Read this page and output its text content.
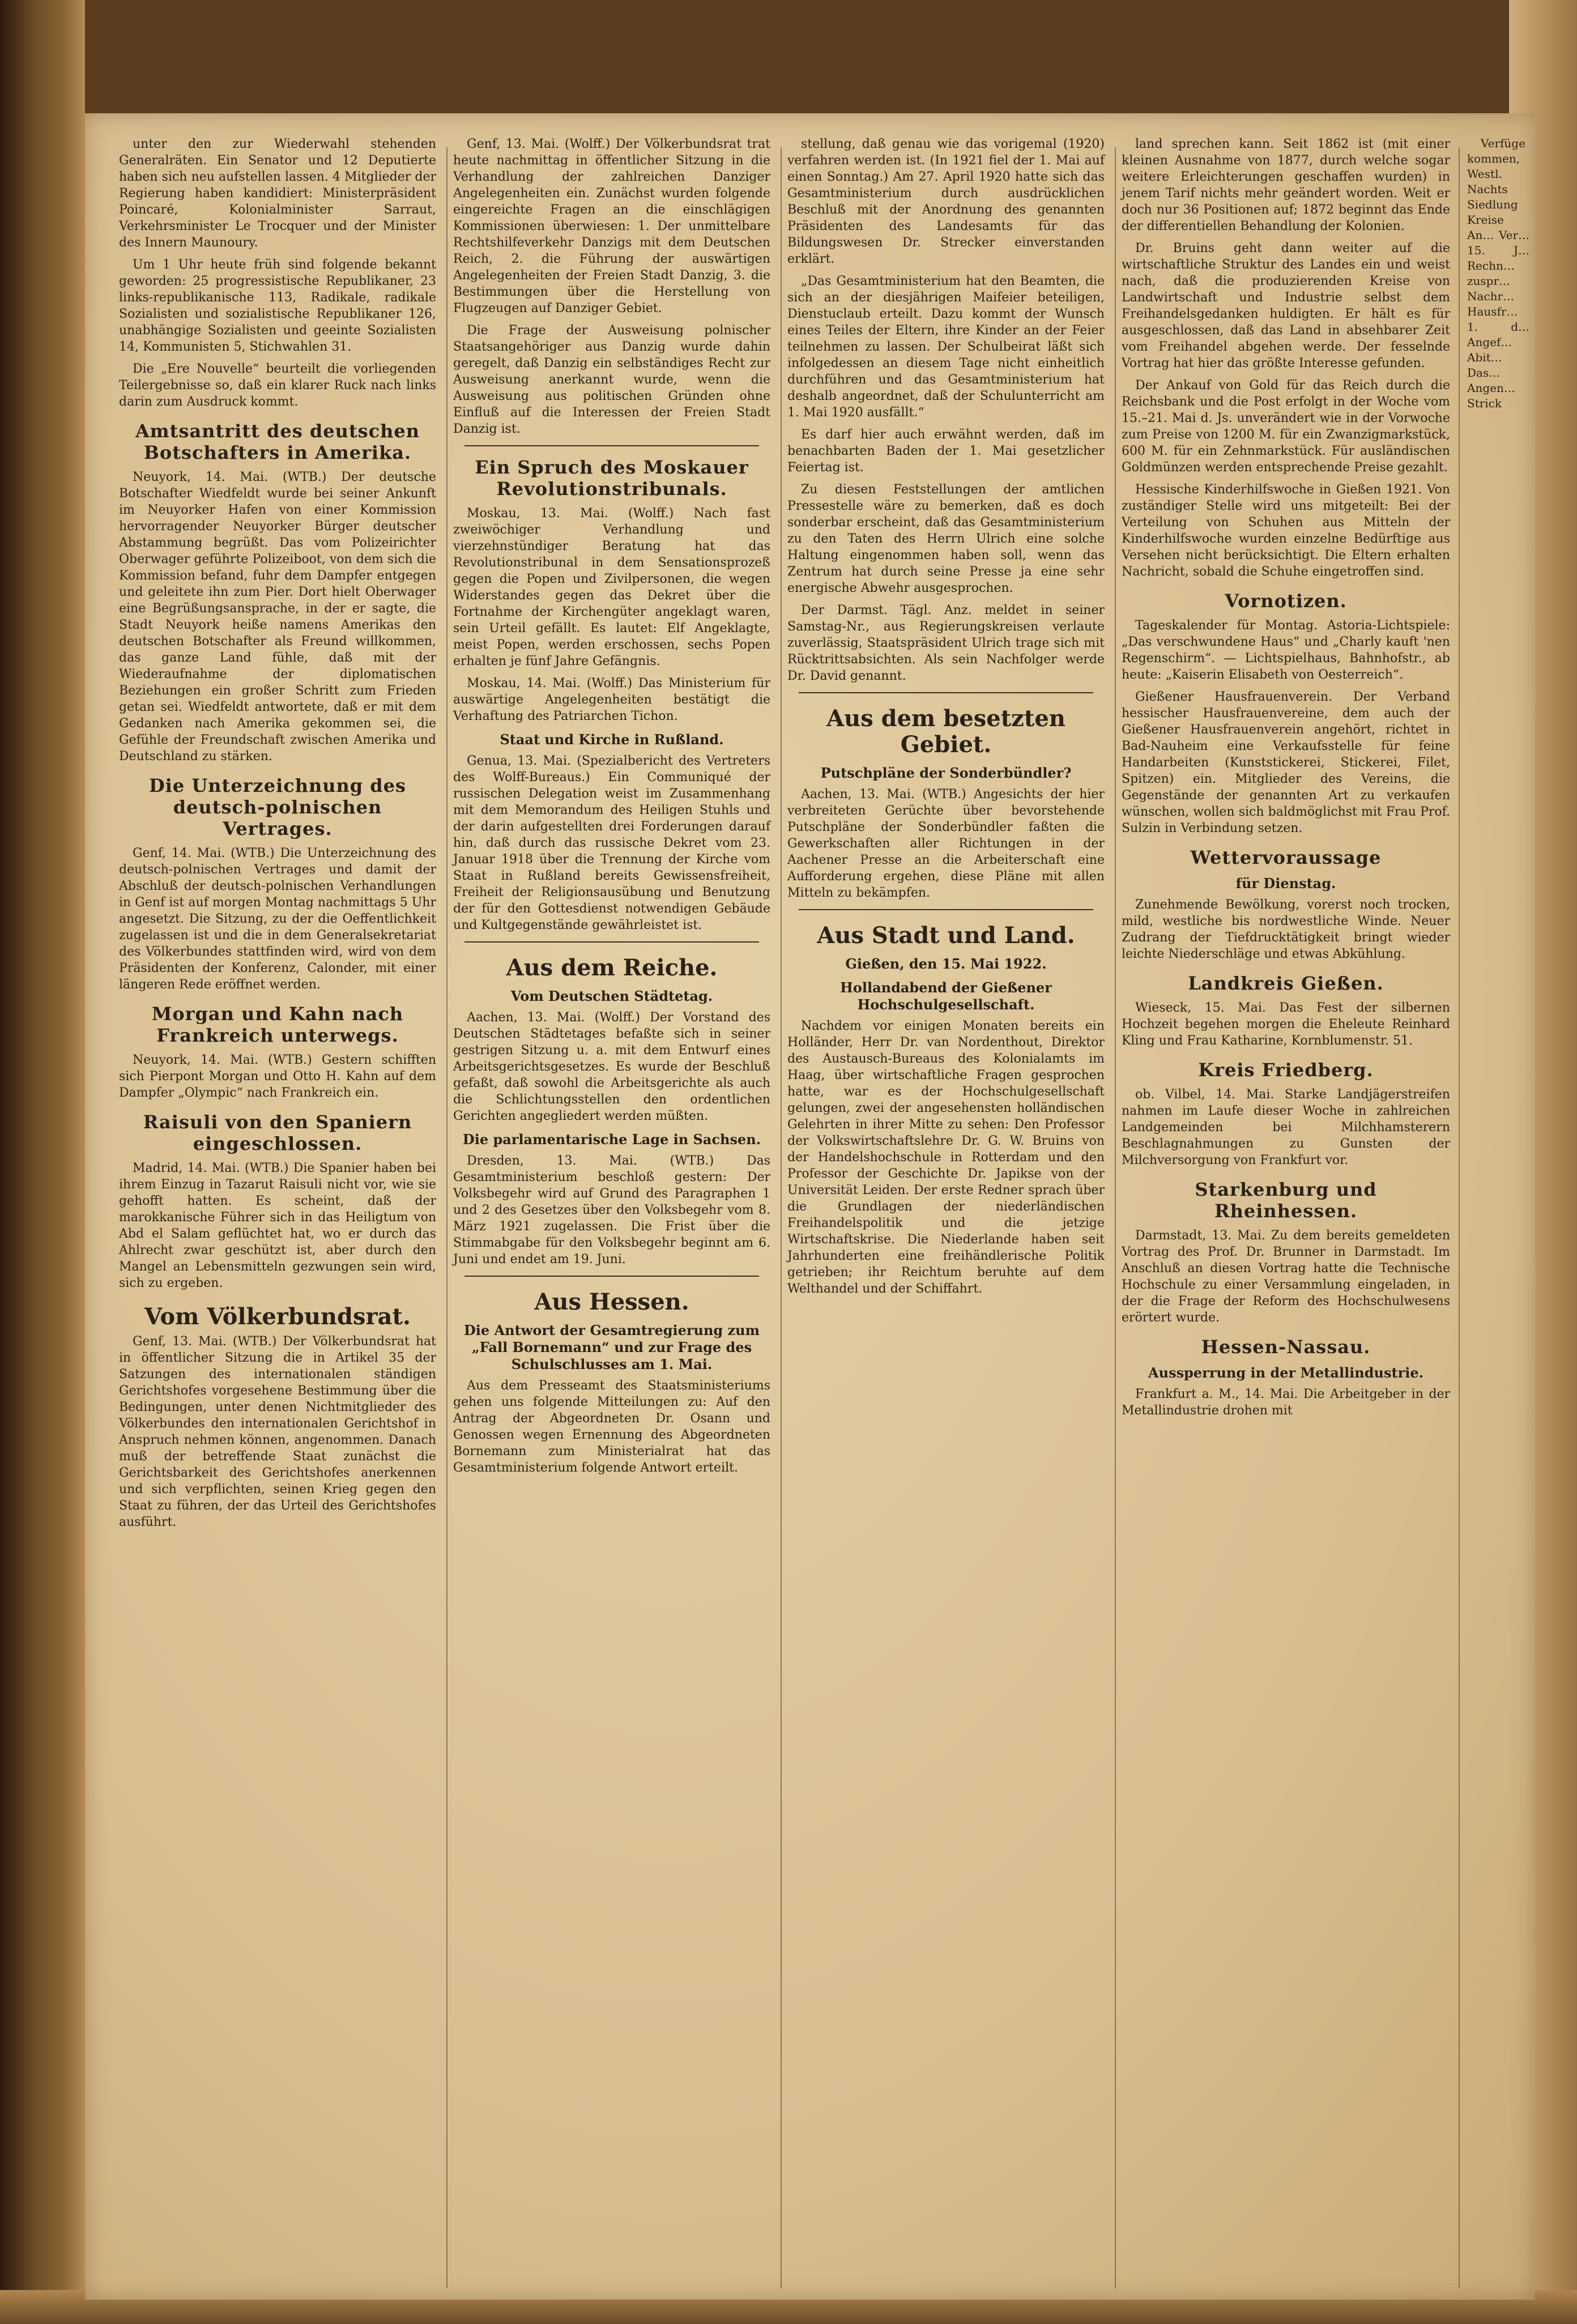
unter den zur Wiederwahl stehenden Generalräten. Ein Senator und 12 Deputierte haben sich neu aufstellen lassen. 4 Mitglieder der Regierung haben kandidiert: Ministerpräsident Poincaré, Kolonialminister Sarraut, Verkehrsminister Le Trocquer und der Minister des Innern Maunoury.

Um 1 Uhr heute früh sind folgende bekannt geworden: 25 progressistische Republikaner, 23 links-republikanische 113, Radikale, radikale Sozialisten und sozialistische Republikaner 126, unabhängige Sozialisten und geeinte Sozialisten 14, Kommunisten 5, Stichwahlen 31.

Die „Ere Nouvelle“ beurteilt die vorliegenden Teilergebnisse so, daß ein klarer Ruck nach links darin zum Ausdruck kommt.

Amtsantritt des deutschen Botschafters in Amerika.

Neuyork, 14. Mai. (WTB.) Der deutsche Botschafter Wiedfeldt wurde bei seiner Ankunft im Neuyorker Hafen von einer Kommission hervorragender Neuyorker Bürger deutscher Abstammung begrüßt. Das vom Polizeirichter Oberwager geführte Polizeiboot, von dem sich die Kommission befand, fuhr dem Dampfer entgegen und geleitete ihn zum Pier. Dort hielt Oberwager eine Begrüßungsansprache, in der er sagte, die Stadt Neuyork heiße namens Amerikas den deutschen Botschafter als Freund willkommen, das ganze Land fühle, daß mit der Wiederaufnahme der diplomatischen Beziehungen ein großer Schritt zum Frieden getan sei. Wiedfeldt antwortete, daß er mit dem Gedanken nach Amerika gekommen sei, die Gefühle der Freundschaft zwischen Amerika und Deutschland zu stärken.

Die Unterzeichnung des deutsch-polnischen Vertrages.

Genf, 14. Mai. (WTB.) Die Unterzeichnung des deutsch-polnischen Vertrages und damit der Abschluß der deutsch-polnischen Verhandlungen in Genf ist auf morgen Montag nachmittags 5 Uhr angesetzt. Die Sitzung, zu der die Oeffentlichkeit zugelassen ist und die in dem Generalsekretariat des Völkerbundes stattfinden wird, wird von dem Präsidenten der Konferenz, Calonder, mit einer längeren Rede eröffnet werden.

Morgan und Kahn nach Frankreich unterwegs.

Neuyork, 14. Mai. (WTB.) Gestern schifften sich Pierpont Morgan und Otto H. Kahn auf dem Dampfer „Olympic“ nach Frankreich ein.

Raisuli von den Spaniern eingeschlossen.

Madrid, 14. Mai. (WTB.) Die Spanier haben bei ihrem Einzug in Tazarut Raisuli nicht vor, wie sie gehofft hatten. Es scheint, daß der marokkanische Führer sich in das Heiligtum von Abd el Salam geflüchtet hat, wo er durch das Ahlrecht zwar geschützt ist, aber durch den Mangel an Lebensmitteln gezwungen sein wird, sich zu ergeben.

Vom Völkerbundsrat.

Genf, 13. Mai. (WTB.) Der Völkerbundsrat hat in öffentlicher Sitzung die in Artikel 35 der Satzungen des internationalen ständigen Gerichtshofes vorgesehene Bestimmung über die Bedingungen, unter denen Nichtmitglieder des Völkerbundes den internationalen Gerichtshof in Anspruch nehmen können, angenommen. Danach muß der betreffende Staat zunächst die Gerichtsbarkeit des Gerichtshofes anerkennen und sich verpflichten, seinen Krieg gegen den Staat zu führen, der das Urteil des Gerichtshofes ausführt.

Genf, 13. Mai. (Wolff.) Der Völkerbundsrat trat heute nachmittag in öffentlicher Sitzung in die Verhandlung der zahlreichen Danziger Angelegenheiten ein. Zunächst wurden folgende eingereichte Fragen an die einschlägigen Kommissionen überwiesen: 1. Der unmittelbare Rechtshilfeverkehr Danzigs mit dem Deutschen Reich, 2. die Führung der auswärtigen Angelegenheiten der Freien Stadt Danzig, 3. die Bestimmungen über die Herstellung von Flugzeugen auf Danziger Gebiet.

Die Frage der Ausweisung polnischer Staatsangehöriger aus Danzig wurde dahin geregelt, daß Danzig ein selbständiges Recht zur Ausweisung anerkannt wurde, wenn die Ausweisung aus politischen Gründen ohne Einfluß auf die Interessen der Freien Stadt Danzig ist.

Ein Spruch des Moskauer Revolutionstribunals.

Moskau, 13. Mai. (Wolff.) Nach fast zweiwöchiger Verhandlung und vierzehnstündiger Beratung hat das Revolutionstribunal in dem Sensationsprozeß gegen die Popen und Zivilpersonen, die wegen Widerstandes gegen das Dekret über die Fortnahme der Kirchengüter angeklagt waren, sein Urteil gefällt. Es lautet: Elf Angeklagte, meist Popen, werden erschossen, sechs Popen erhalten je fünf Jahre Gefängnis.

Moskau, 14. Mai. (Wolff.) Das Ministerium für auswärtige Angelegenheiten bestätigt die Verhaftung des Patriarchen Tichon.

Staat und Kirche in Rußland.

Genua, 13. Mai. (Spezialbericht des Vertreters des Wolff-Bureaus.) Ein Communiqué der russischen Delegation weist im Zusammenhang mit dem Memorandum des Heiligen Stuhls und der darin aufgestellten drei Forderungen darauf hin, daß durch das russische Dekret vom 23. Januar 1918 über die Trennung der Kirche vom Staat in Rußland bereits Gewissensfreiheit, Freiheit der Religionsausübung und Benutzung der für den Gottesdienst notwendigen Gebäude und Kultgegenstände gewährleistet ist.

Aus dem Reiche.
Vom Deutschen Städtetag.

Aachen, 13. Mai. (Wolff.) Der Vorstand des Deutschen Städtetages befaßte sich in seiner gestrigen Sitzung u. a. mit dem Entwurf eines Arbeitsgerichtsgesetzes. Es wurde der Beschluß gefaßt, daß sowohl die Arbeitsgerichte als auch die Schlichtungsstellen den ordentlichen Gerichten angegliedert werden müßten.

Die parlamentarische Lage in Sachsen.

Dresden, 13. Mai. (WTB.) Das Gesamtministerium beschloß gestern: Der Volksbegehr wird auf Grund des Paragraphen 1 und 2 des Gesetzes über den Volksbegehr vom 8. März 1921 zugelassen. Die Frist über die Stimmabgabe für den Volksbegehr beginnt am 6. Juni und endet am 19. Juni.

Aus Hessen.
Die Antwort der Gesamtregierung zum „Fall Bornemann“ und zur Frage des Schulschlusses am 1. Mai.

Aus dem Presseamt des Staatsministeriums gehen uns folgende Mitteilungen zu: Auf den Antrag der Abgeordneten Dr. Osann und Genossen wegen Ernennung des Abgeordneten Bornemann zum Ministerialrat hat das Gesamtministerium folgende Antwort erteilt.

stellung, daß genau wie das vorigemal (1920) verfahren werden ist. (In 1921 fiel der 1. Mai auf einen Sonntag.) Am 27. April 1920 hatte sich das Gesamtministerium durch ausdrücklichen Beschluß mit der Anordnung des genannten Präsidenten des Landesamts für das Bildungswesen Dr. Strecker einverstanden erklärt.

„Das Gesamtministerium hat den Beamten, die sich an der diesjährigen Maifeier beteiligen, Dienstuclaub erteilt. Dazu kommt der Wunsch eines Teiles der Eltern, ihre Kinder an der Feier teilnehmen zu lassen. Der Schulbeirat läßt sich infolgedessen an diesem Tage nicht einheitlich durchführen und das Gesamtministerium hat deshalb angeordnet, daß der Schulunterricht am 1. Mai 1920 ausfällt.“

Es darf hier auch erwähnt werden, daß im benachbarten Baden der 1. Mai gesetzlicher Feiertag ist.

Zu diesen Feststellungen der amtlichen Pressestelle wäre zu bemerken, daß es doch sonderbar erscheint, daß das Gesamtministerium zu den Taten des Herrn Ulrich eine solche Haltung eingenommen haben soll, wenn das Zentrum hat durch seine Presse ja eine sehr energische Abwehr ausgesprochen.

Der Darmst. Tägl. Anz. meldet in seiner Samstag-Nr., aus Regierungskreisen verlaute zuverlässig, Staatspräsident Ulrich trage sich mit Rücktrittsabsichten. Als sein Nachfolger werde Dr. David genannt.

Aus dem besetzten Gebiet.
Putschpläne der Sonderbündler?

Aachen, 13. Mai. (WTB.) Angesichts der hier verbreiteten Gerüchte über bevorstehende Putschpläne der Sonderbündler faßten die Gewerkschaften aller Richtungen in der Aachener Presse an die Arbeiterschaft eine Aufforderung ergehen, diese Pläne mit allen Mitteln zu bekämpfen.

Aus Stadt und Land.
Gießen, den 15. Mai 1922.
Hollandabend der Gießener Hochschulgesellschaft.

Nachdem vor einigen Monaten bereits ein Holländer, Herr Dr. van Nordenthout, Direktor des Austausch-Bureaus des Kolonialamts im Haag, über wirtschaftliche Fragen gesprochen hatte, war es der Hochschulgesellschaft gelungen, zwei der angesehensten holländischen Gelehrten in ihrer Mitte zu sehen: Den Professor der Volkswirtschaftslehre Dr. G. W. Bruins von der Handelshochschule in Rotterdam und den Professor der Geschichte Dr. Japikse von der Universität Leiden. Der erste Redner sprach über die Grundlagen der niederländischen Freihandelspolitik und die jetzige Wirtschaftskrise. Die Niederlande haben seit Jahrhunderten eine freihändlerische Politik getrieben; ihr Reichtum beruhte auf dem Welthandel und der Schiffahrt.

land sprechen kann. Seit 1862 ist (mit einer kleinen Ausnahme von 1877, durch welche sogar weitere Erleichterungen geschaffen wurden) in jenem Tarif nichts mehr geändert worden. Weit er doch nur 36 Positionen auf; 1872 beginnt das Ende der differentiellen Behandlung der Kolonien.

Dr. Bruins geht dann weiter auf die wirtschaftliche Struktur des Landes ein und weist nach, daß die produzierenden Kreise von Landwirtschaft und Industrie selbst dem Freihandelsgedanken huldigten. Er hält es für ausgeschlossen, daß das Land in absehbarer Zeit vom Freihandel abgehen werde. Der fesselnde Vortrag hat hier das größte Interesse gefunden.

Der Ankauf von Gold für das Reich durch die Reichsbank und die Post erfolgt in der Woche vom 15.–21. Mai d. Js. unverändert wie in der Vorwoche zum Preise von 1200 M. für ein Zwanzigmarkstück, 600 M. für ein Zehnmarkstück. Für ausländischen Goldmünzen werden entsprechende Preise gezahlt.

Hessische Kinderhilfswoche in Gießen 1921. Von zuständiger Stelle wird uns mitgeteilt: Bei der Verteilung von Schuhen aus Mitteln der Kinderhilfswoche wurden einzelne Bedürftige aus Versehen nicht berücksichtigt. Die Eltern erhalten Nachricht, sobald die Schuhe eingetroffen sind.

Vornotizen.

Tageskalender für Montag. Astoria-Lichtspiele: „Das verschwundene Haus“ und „Charly kauft 'nen Regenschirm“. — Lichtspielhaus, Bahnhofstr., ab heute: „Kaiserin Elisabeth von Oesterreich“.

Gießener Hausfrauenverein. Der Verband hessischer Hausfrauenvereine, dem auch der Gießener Hausfrauenverein angehört, richtet in Bad-Nauheim eine Verkaufsstelle für feine Handarbeiten (Kunststickerei, Stickerei, Filet, Spitzen) ein. Mitglieder des Vereins, die Gegenstände der genannten Art zu verkaufen wünschen, wollen sich baldmöglichst mit Frau Prof. Sulzin in Verbindung setzen.

Wettervoraussage
für Dienstag.

Zunehmende Bewölkung, vorerst noch trocken, mild, westliche bis nordwestliche Winde. Neuer Zudrang der Tiefdrucktätigkeit bringt wieder leichte Niederschläge und etwas Abkühlung.

Landkreis Gießen.

Wieseck, 15. Mai. Das Fest der silbernen Hochzeit begehen morgen die Eheleute Reinhard Kling und Frau Katharine, Kornblumenstr. 51.

Kreis Friedberg.

ob. Vilbel, 14. Mai. Starke Landjägerstreifen nahmen im Laufe dieser Woche in zahlreichen Landgemeinden bei Milchhamsterern Beschlagnahmungen zu Gunsten der Milchversorgung von Frankfurt vor.

Starkenburg und Rheinhessen.

Darmstadt, 13. Mai. Zu dem bereits gemeldeten Vortrag des Prof. Dr. Brunner in Darmstadt. Im Anschluß an diesen Vortrag hatte die Technische Hochschule zu einer Versammlung eingeladen, in der die Frage der Reform des Hochschulwesens erörtert wurde.

Hessen-Nassau.
Aussperrung in der Metallindustrie.

Frankfurt a. M., 14. Mai. Die Arbeitgeber in der Metallindustrie drohen mit

Verfüge kommen, Westl. Nachts Siedlung Kreise An… Ver… 15. J… Rechn… zuspr… Nachr… Hausfr… 1. d… Angef… Abit… Das… Angen… Strick
